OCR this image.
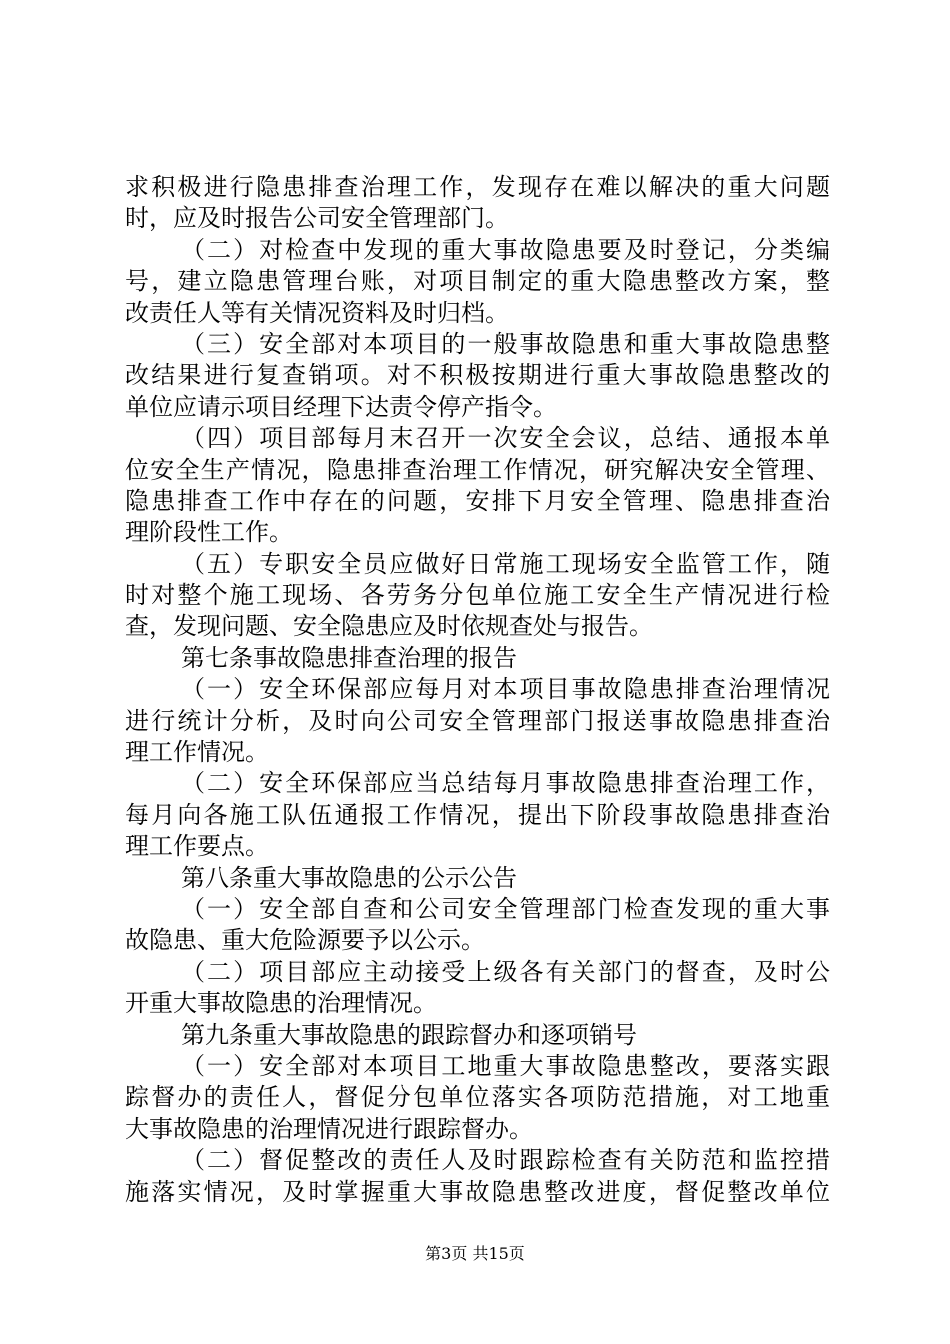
求积极进行隐患排查治理工作，发现存在难以解决的重大问题
时，应及时报告公司安全管理部门。
（二）对检查中发现的重大事故隐患要及时登记，分类编
号，建立隐患管理台账，对项目制定的重大隐患整改方案，整
改责任人等有关情况资料及时归档。
（三）安全部对本项目的一般事故隐患和重大事故隐患整
改结果进行复查销项。对不积极按期进行重大事故隐患整改的
单位应请示项目经理下达责令停产指令。
（四）项目部每月末召开一次安全会议，总结、通报本单
位安全生产情况，隐患排查治理工作情况，研究解决安全管理、
隐患排查工作中存在的问题，安排下月安全管理、隐患排查治
理阶段性工作。
（五）专职安全员应做好日常施工现场安全监管工作，随
时对整个施工现场、各劳务分包单位施工安全生产情况进行检
查，发现问题、安全隐患应及时依规查处与报告。
第七条事故隐患排查治理的报告
（一）安全环保部应每月对本项目事故隐患排查治理情况
进行统计分析，及时向公司安全管理部门报送事故隐患排查治
理工作情况。
（二）安全环保部应当总结每月事故隐患排查治理工作，
每月向各施工队伍通报工作情况，提出下阶段事故隐患排查治
理工作要点。
第八条重大事故隐患的公示公告
（一）安全部自查和公司安全管理部门检查发现的重大事
故隐患、重大危险源要予以公示。
（二）项目部应主动接受上级各有关部门的督查，及时公
开重大事故隐患的治理情况。
第九条重大事故隐患的跟踪督办和逐项销号
（一）安全部对本项目工地重大事故隐患整改，要落实跟
踪督办的责任人，督促分包单位落实各项防范措施，对工地重
大事故隐患的治理情况进行跟踪督办。
（二）督促整改的责任人及时跟踪检查有关防范和监控措
施落实情况，及时掌握重大事故隐患整改进度，督促整改单位
第3页 共15页
